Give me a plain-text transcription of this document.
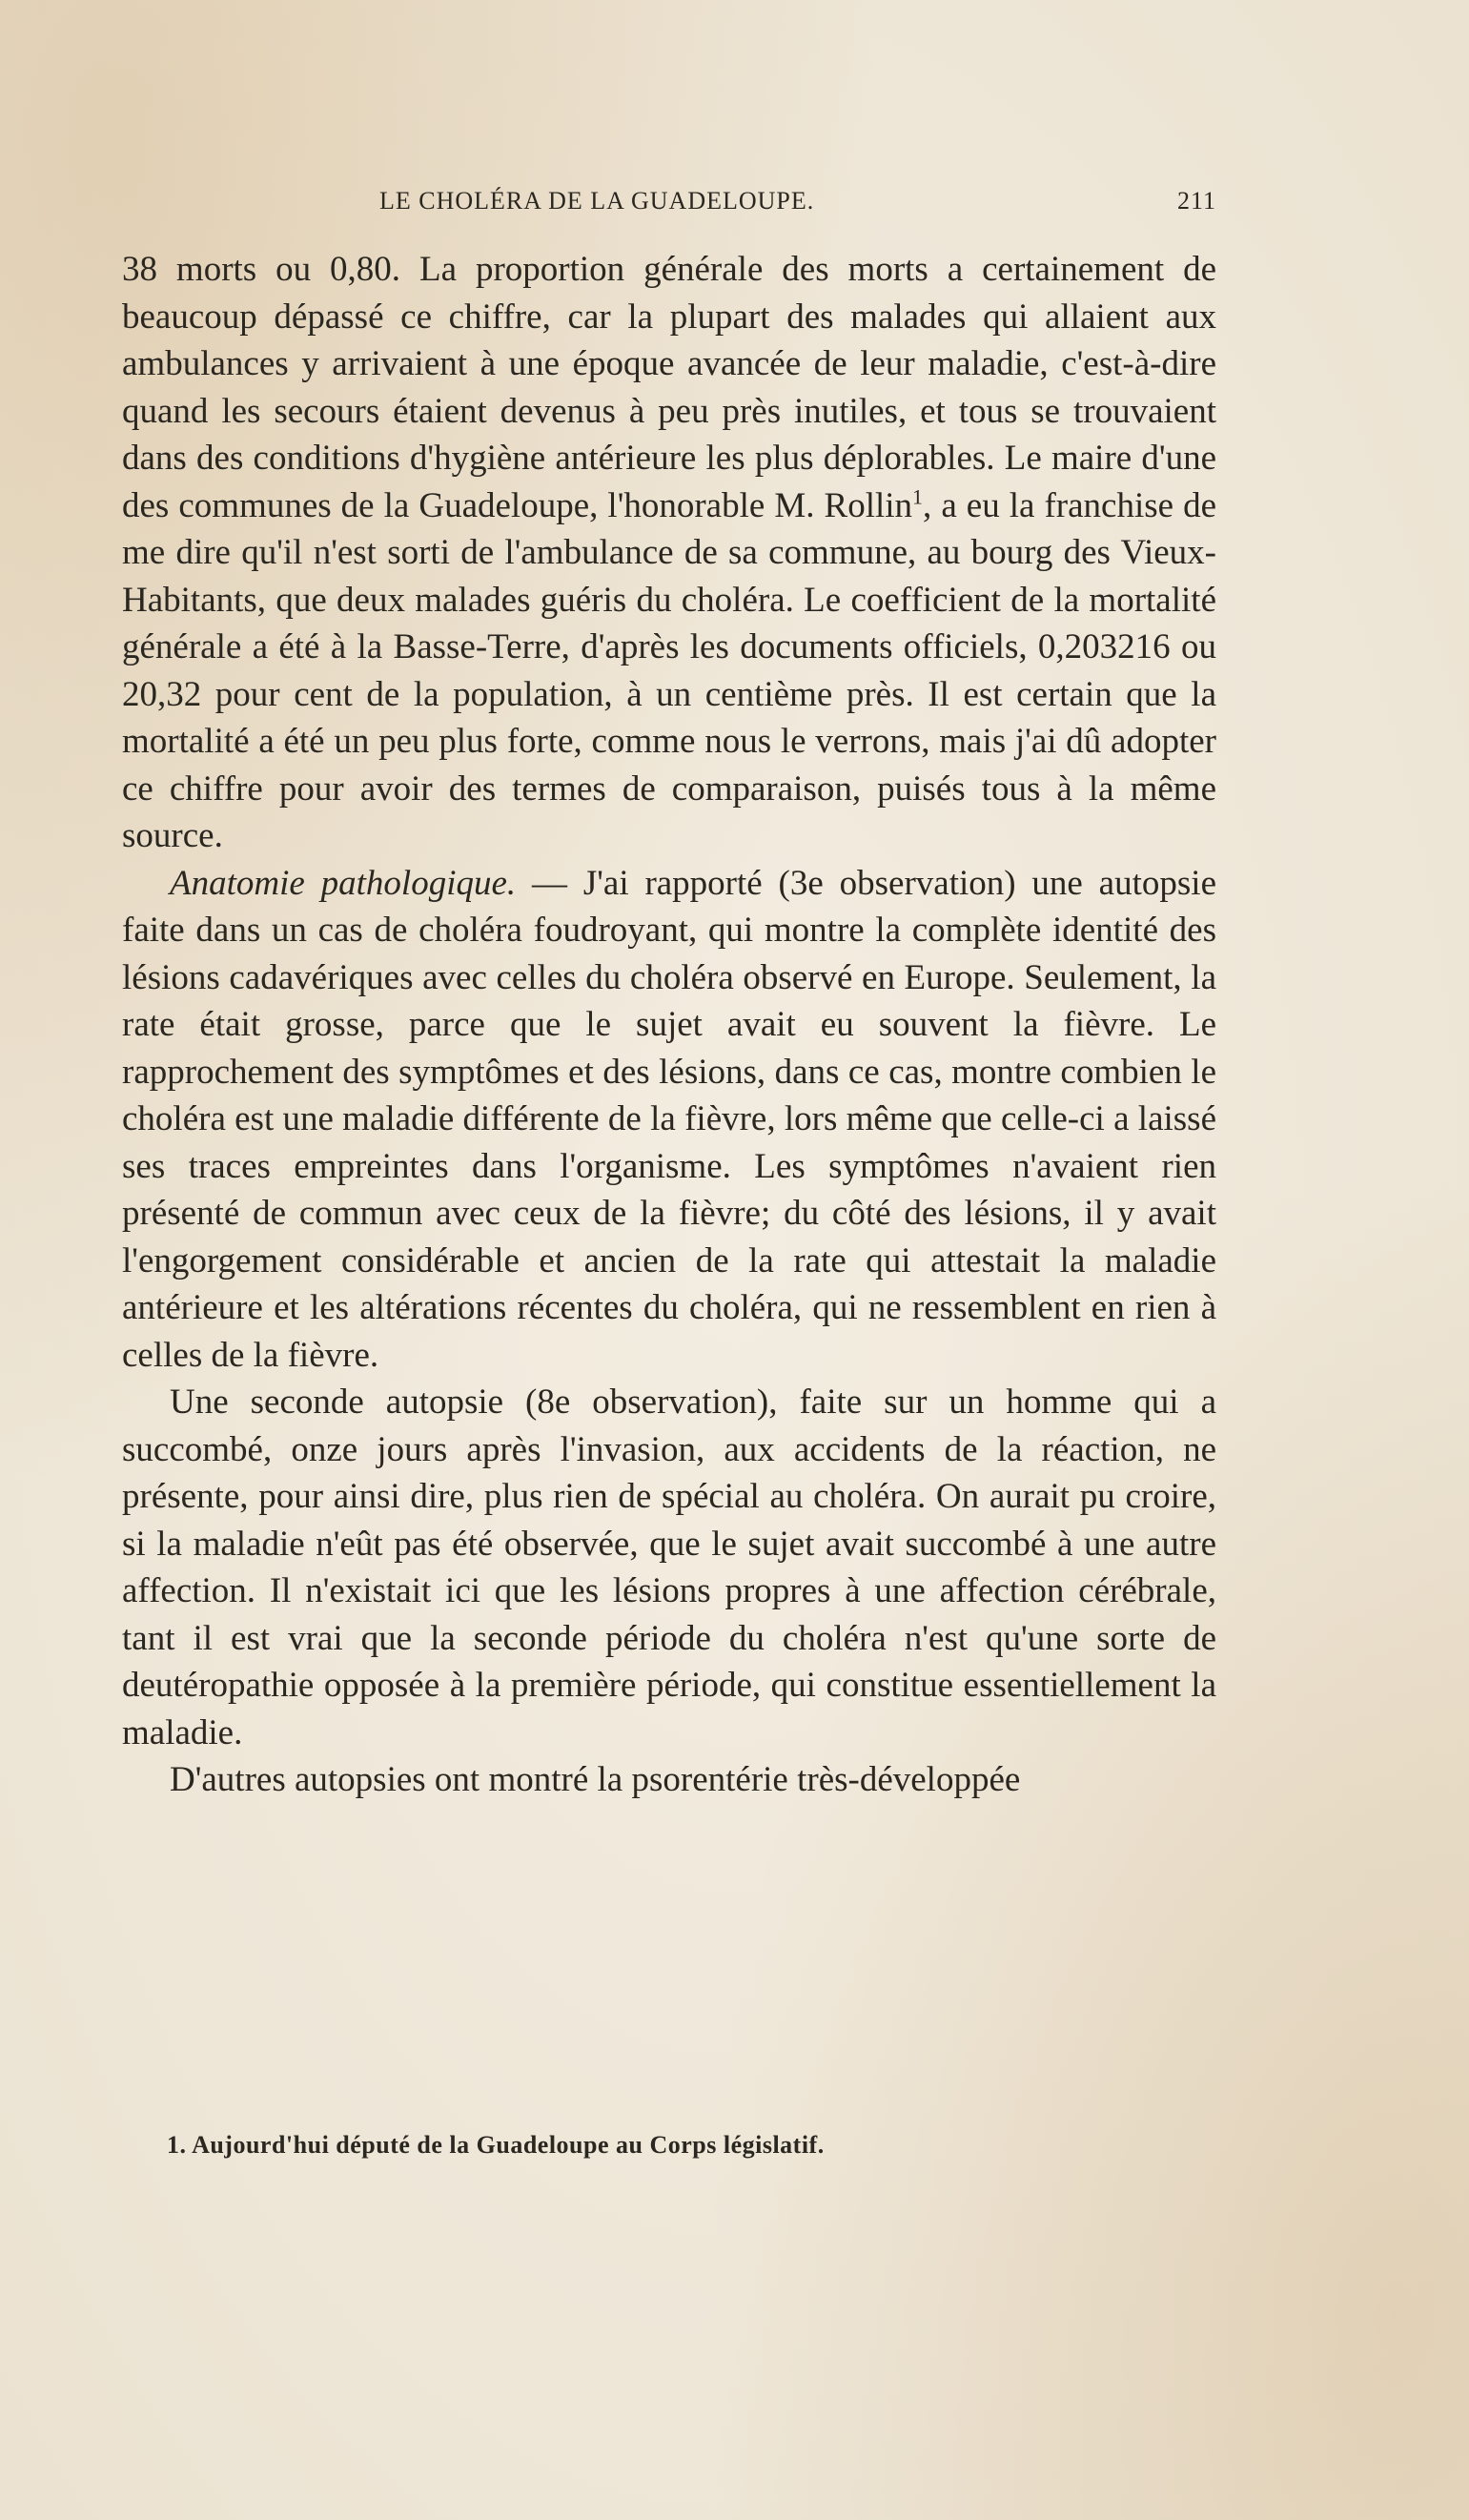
LE CHOLÉRA DE LA GUADELOUPE.	211

38 morts ou 0,80. La proportion générale des morts a certainement de beaucoup dépassé ce chiffre, car la plupart des malades qui allaient aux ambulances y arrivaient à une époque avancée de leur maladie, c'est-à-dire quand les secours étaient devenus à peu près inutiles, et tous se trouvaient dans des conditions d'hygiène antérieure les plus déplorables. Le maire d'une des communes de la Guadeloupe, l'honorable M. Rollin$^1$, a eu la franchise de me dire qu'il n'est sorti de l'ambulance de sa commune, au bourg des Vieux-Habitants, que deux malades guéris du choléra. Le coefficient de la mortalité générale a été à la Basse-Terre, d'après les documents officiels, 0,203216 ou 20,32 pour cent de la population, à un centième près. Il est certain que la mortalité a été un peu plus forte, comme nous le verrons, mais j'ai dû adopter ce chiffre pour avoir des termes de comparaison, puisés tous à la même source.

Anatomie pathologique. — J'ai rapporté (3e observation) une autopsie faite dans un cas de choléra foudroyant, qui montre la complète identité des lésions cadavériques avec celles du choléra observé en Europe. Seulement, la rate était grosse, parce que le sujet avait eu souvent la fièvre. Le rapprochement des symptômes et des lésions, dans ce cas, montre combien le choléra est une maladie différente de la fièvre, lors même que celle-ci a laissé ses traces empreintes dans l'organisme. Les symptômes n'avaient rien présenté de commun avec ceux de la fièvre; du côté des lésions, il y avait l'engorgement considérable et ancien de la rate qui attestait la maladie antérieure et les altérations récentes du choléra, qui ne ressemblent en rien à celles de la fièvre.

Une seconde autopsie (8e observation), faite sur un homme qui a succombé, onze jours après l'invasion, aux accidents de la réaction, ne présente, pour ainsi dire, plus rien de spécial au choléra. On aurait pu croire, si la maladie n'eût pas été observée, que le sujet avait succombé à une autre affection. Il n'existait ici que les lésions propres à une affection cérébrale, tant il est vrai que la seconde période du choléra n'est qu'une sorte de deutéropathie opposée à la première période, qui constitue essentiellement la maladie.

D'autres autopsies ont montré la psorentérie très-développée

1. Aujourd'hui député de la Guadeloupe au Corps législatif.
